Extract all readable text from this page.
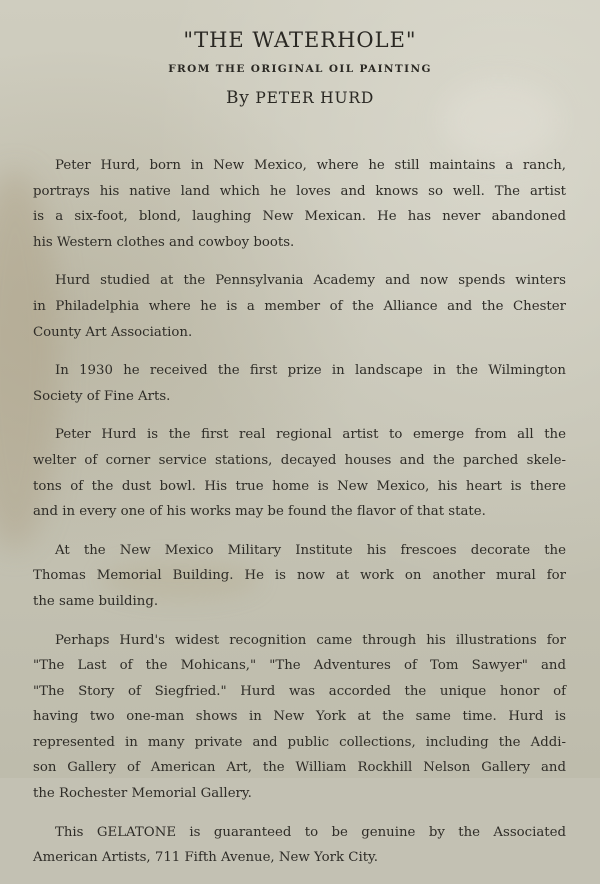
"THE WATERHOLE"
FROM THE ORIGINAL OIL PAINTING
By PETER HURD
Peter Hurd, born in New Mexico, where he still maintains a ranch,
portrays his native land which he loves and knows so well. The artist
is a six-foot, blond, laughing New Mexican. He has never abandoned
his Western clothes and cowboy boots.
Hurd studied at the Pennsylvania Academy and now spends winters
in Philadelphia where he is a member of the Alliance and the Chester
County Art Association.
In 1930 he received the first prize in landscape in the Wilmington
Society of Fine Arts.
Peter Hurd is the first real regional artist to emerge from all the
welter of corner service stations, decayed houses and the parched skele-
tons of the dust bowl. His true home is New Mexico, his heart is there
and in every one of his works may be found the flavor of that state.
At the New Mexico Military Institute his frescoes decorate the
Thomas Memorial Building. He is now at work on another mural for
the same building.
Perhaps Hurd's widest recognition came through his illustrations for
"The Last of the Mohicans," "The Adventures of Tom Sawyer" and
"The Story of Siegfried." Hurd was accorded the unique honor of
having two one-man shows in New York at the same time. Hurd is
represented in many private and public collections, including the Addi-
son Gallery of American Art, the William Rockhill Nelson Gallery and
the Rochester Memorial Gallery.
This GELATONE is guaranteed to be genuine by the Associated
American Artists, 711 Fifth Avenue, New York City.
